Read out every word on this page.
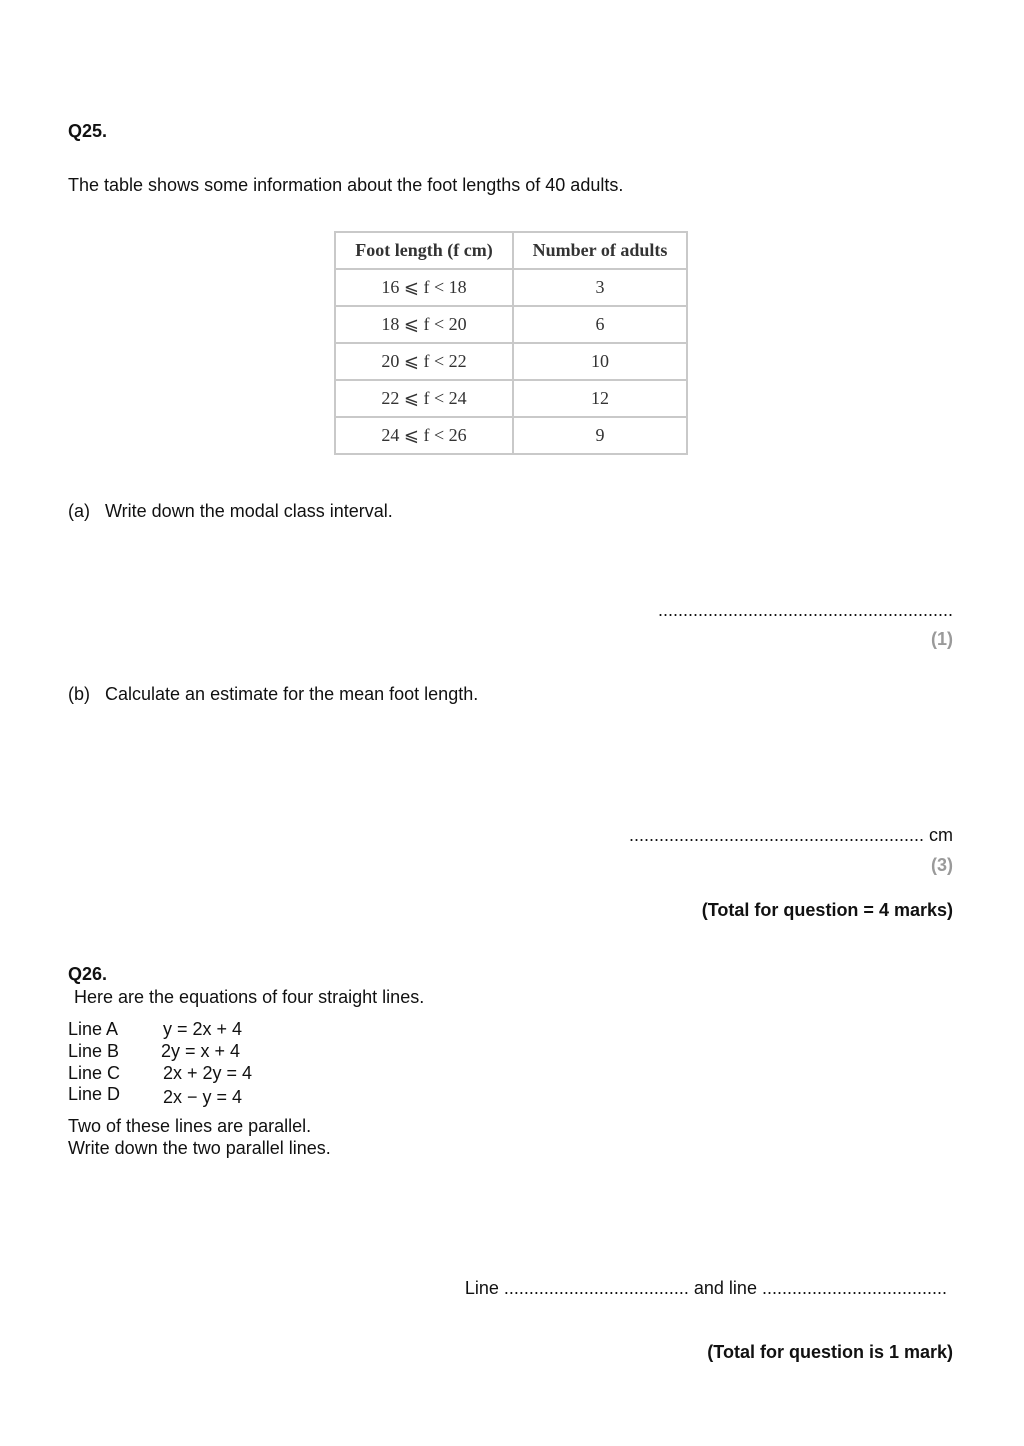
Q25.
The table shows some information about the foot lengths of 40 adults.
Foot length (f cm)	Number of adults
16 ⩽ f < 18	3
18 ⩽ f < 20	6
20 ⩽ f < 22	10
22 ⩽ f < 24	12
24 ⩽ f < 26	9
(a) Write down the modal class interval.
...........................................................
(1)
(b) Calculate an estimate for the mean foot length.
........................................................... cm
(3)
(Total for question = 4 marks)
Q26.
Here are the equations of four straight lines.
Line A y = 2x + 4
Line B 2y = x + 4
Line C 2x + 2y = 4
Line D 2x − y = 4
Two of these lines are parallel.
Write down the two parallel lines.
Line ..................................... and line .....................................
(Total for question is 1 mark)
